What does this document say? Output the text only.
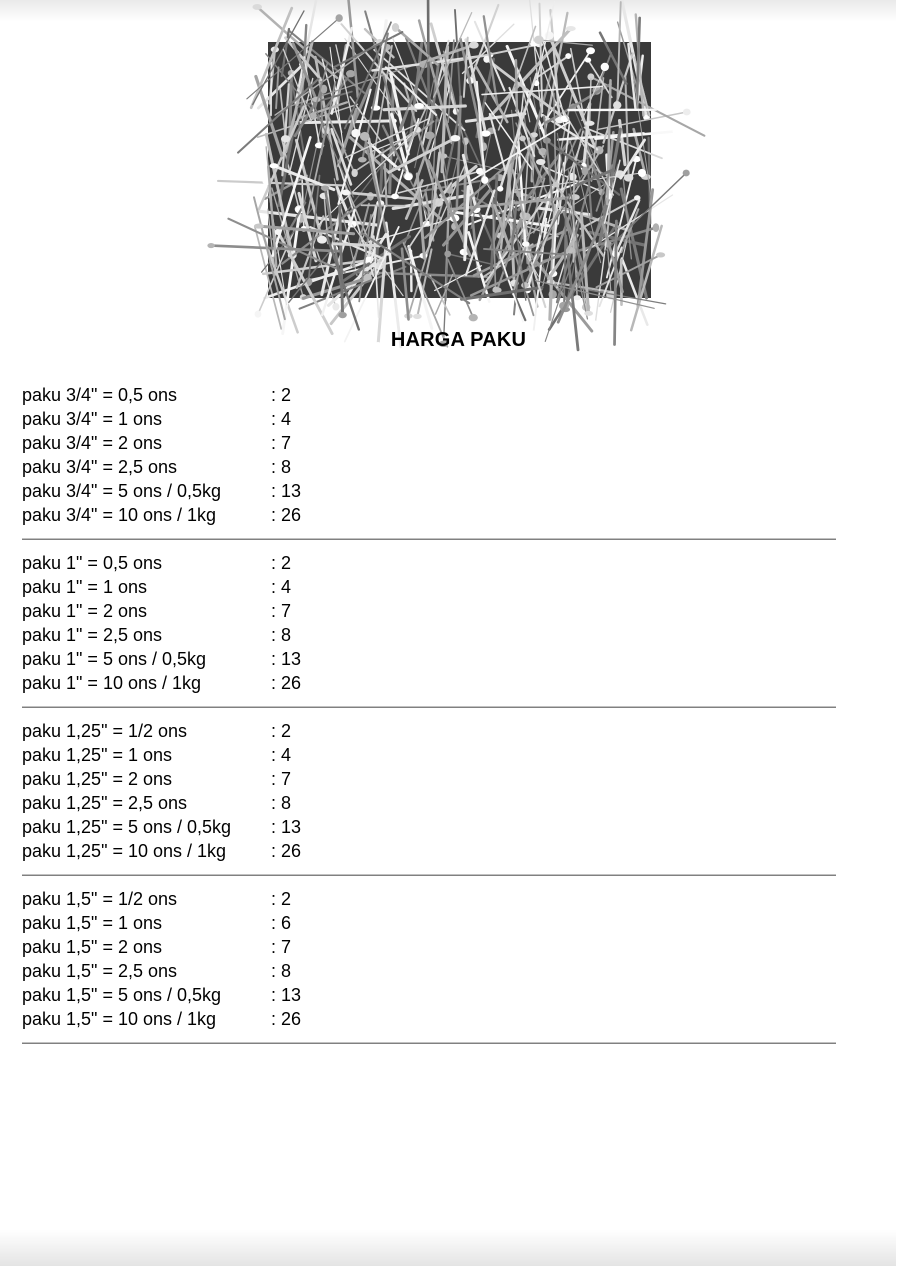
HARGA PAKU
paku 3/4" = 0,5 ons	: 2
paku 3/4" = 1 ons	: 4
paku 3/4" = 2 ons	: 7
paku 3/4" = 2,5 ons	: 8
paku 3/4" = 5 ons / 0,5kg	: 13
paku 3/4" = 10 ons / 1kg	: 26
——————————————————————————————————————————————————————————————————————————
paku 1" = 0,5 ons	: 2
paku 1" = 1 ons	: 4
paku 1" = 2 ons	: 7
paku 1" = 2,5 ons	: 8
paku 1" = 5 ons / 0,5kg	: 13
paku 1" = 10 ons / 1kg	: 26
——————————————————————————————————————————————————————————————————————————
paku 1,25" = 1/2 ons	: 2
paku 1,25" = 1 ons	: 4
paku 1,25" = 2 ons	: 7
paku 1,25" = 2,5 ons	: 8
paku 1,25" = 5 ons / 0,5kg : 13
paku 1,25" = 10 ons / 1kg : 26
——————————————————————————————————————————————————————————————————————————
paku 1,5" = 1/2 ons	: 2
paku 1,5" = 1 ons	: 6
paku 1,5" = 2 ons	: 7
paku 1,5" = 2,5 ons	: 8
paku 1,5" = 5 ons / 0,5kg	: 13
paku 1,5" = 10 ons / 1kg	: 26
——————————————————————————————————————————————————————————————————————————
